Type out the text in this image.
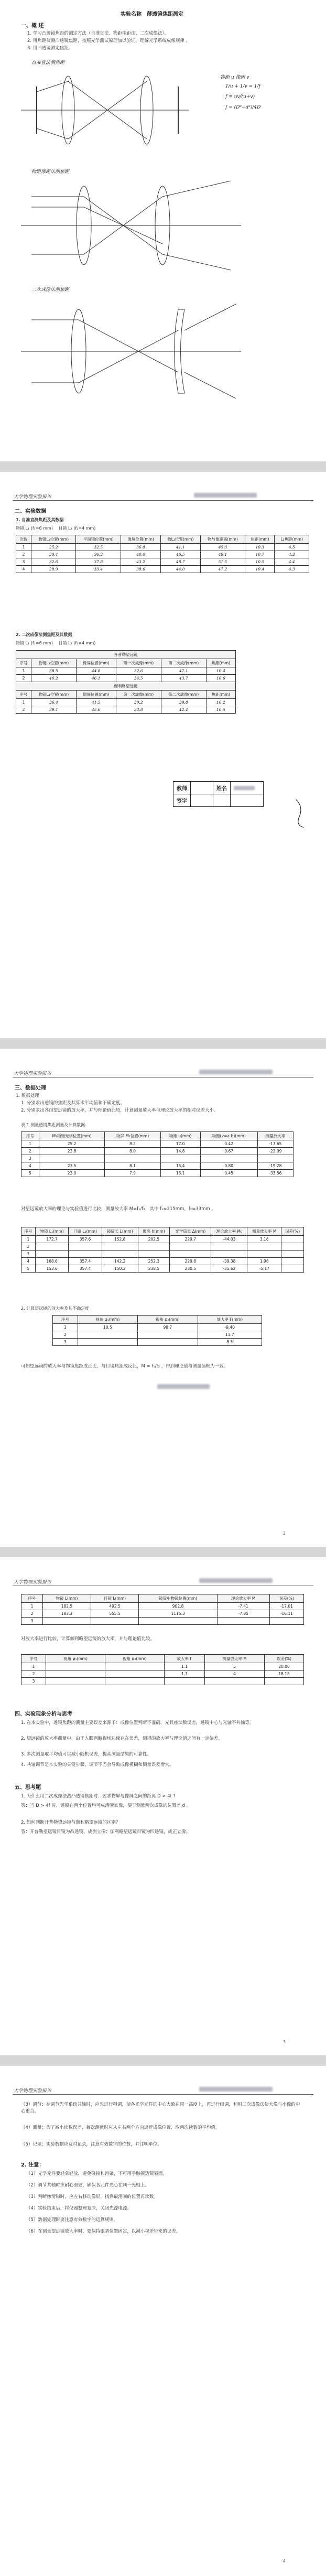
实验名称　薄透镜焦距测定
一、概 述
1. 学习凸透镜焦距的测定方法（自准直法、物距像距法、二次成像法）。
2. 用焦距仪测凸透镜焦距，按照光学测试原理加以验证，理解光学系统成像规律 。
3. 用凹透镜测定焦距。
自准直法测焦距
物距 u 像距 v
1/u + 1/v = 1/f
f = uv/(u+v)
f = (D²−d²)/4D
物距像距法测焦距
二次成像法测焦距
大学物理实验报告
二、实验数据
1. 自准直测焦距及其数据
物镜 L₁ (f₁=6 mm) 　目镜 L₂ (f₂=4 mm)
次数	物镜L₁位置(mm)	平面镜位置(mm)	像屏位置(mm)	物L₁位置(mm)	物与像距离(mm)	焦距(mm)	L₂焦距(mm)
1	25.2	32.5	36.8	41.1	45.3	10.3	4.5
2	30.4	36.2	40.0	46.5	49.1	10.7	4.2
3	32.6	37.8	43.2	48.7	51.5	10.5	4.4
4	28.9	33.4	38.6	44.0	47.2	10.4	4.3
2. 二次成像法测焦距及其数据
物镜 L₁ (f₁=6 mm) 　目镜 L₂ (f₂=4 mm)
开普勒望远镜					
序号	物镜L₁位置(mm)	像屏位置(mm)	第一次成像(mm)	第二次成像(mm)	焦距(mm)
1	38.5	44.8	32.6	42.1	10.4
2	40.2	46.1	34.5	43.7	10.6
伽利略望远镜					
序号	物镜L₁位置(mm)	像屏位置(mm)	第一次成像(mm)	第二次成像(mm)	焦距(mm)
1	36.4	41.5	30.2	39.8	10.2
2	39.1	45.6	33.8	42.4	10.5
教师		姓名	

签字			
大学物理实验报告
三、数据处理
1. 数据处理
1. 分别求出透镜的焦距及其算术平均值和不确定度。
2. 分别求出各组望远镜的放大率，并与理论值比较，计算测量放大率与理论放大率的相对误差大小。
表 1 测量透镜焦距测量及计算数据
序号	M₁物镜光学位置(mm)	物屏 M₂位置(mm)	物距 u(mm)	物距(v=a-b)(mm)	测量放大率
1	25.2	8.2	17.0	0.42	-17.65
2	22.8	8.0	14.8	0.67	-22.09
3					
4	23.5	8.1	15.4	0.80	-19.28
5	23.0	7.9	15.1	0.45	-33.56
对望远镜放大率的理论与实验值进行比较，测量放大率 M=f₁/f₂，其中 f₁=215mm，f₂=33mm 。
序号	物镜 L₁(mm)	目镜 L₂(mm)	镜筒长 L(mm)	像高 h(mm)	光学筒长 Δ(mm)	理论放大率 M₀	测量放大率 M	误差(%)
1	172.7	357.6	152.8	202.5	229.7	-44.03	3.16	
2								
3								
4	168.6	357.4	142.2	252.3	229.8	-39.38	1.98	
5	153.6	357.4	150.3	238.5	230.5	-35.62	-5.17	
2. 计算望远镜的放大率及其不确定度
序号	视角 φ₁(mm)	视角 φ₂(mm)	放大率 Γ(mm)
1	10.5	98.7	-9.40
2			11.7
3			8.5
可知望远镜的放大率与物镜焦距成正比，与目镜焦距成反比，M = f₁/f₂ ，得到理论值与测量值较为一致。
2
大学物理实验报告
序号	物镜 L(mm)	目镜 L(mm)	镜筒中物镜位置(mm)	理论放大率 M	误差(%)
1	182.5	492.5	902.8	-7.41	-17.01
2	183.3	555.5	1115.3	-7.85	-16.11
3					
对放大率进行比较，计算伽利略望远镜的放大率，并与理论值比较。
序号	视角 φ₁(mm)	视角 φ₂(mm)	放大率 Γ	测量放大率 M	误差(%)
1			1.1	5	20.00
2			1.7	4	18.18
3					
四、实验现象分析与思考
1. 在本实验中，透镜焦距的测量主要误差来源于：成像位置判断不准确，光具座读数误差，透镜中心与光轴不共轴等。
2. 望远镜的放大率测量中，由于人眼判断视场边缘存在误差，测得的放大率与理论值之间有一定偏差。
3. 多次测量取平均值可以减小随机误差，提高测量结果的可靠性。
4. 共轴调节是本实验的关键步骤，调节不当会导致成像模糊和测量误差增大。
五、思考题
1. 为什么用二次成像法测凸透镜焦距时，要求物屏与像屏之间的距离 D > 4f ?
答：当 D > 4f 时，透镜在两个位置均可成清晰实像，便于测量两次成像的位置差 d 。
2. 如何判断开普勒望远镜与伽利略望远镜的区别？
答：开普勒望远镜目镜为凸透镜，成倒立像；伽利略望远镜目镜为凹透镜，成正立像。
3
大学物理实验报告
（3）调节：在调节光学系统共轴时，应先进行粗调，使各光学元件的中心大致在同一高度上，再进行细调，利用二次成像法使大像与小像的中心重合。
（4）测量：为了减小读数误差，每次测量时应从左右两个方向逼近成像位置，取两次读数的平均值。
（5）记录：实验数据应及时记录，注意有效数字的位数，并注明单位。
2. 注意：
（1）光学元件要轻拿轻放，避免碰撞和污染，不可用手触摸透镜表面。
（2）调节共轴时应耐心细致，确保各元件光心在同一光轴上。
（3）判断像清晰时，应左右移动像屏，找到最清晰的位置再读数。
（4）实验结束后，将仪器整理复原，关闭光源电源。
（5）数据处理时要注意有效数字的运算规则。
（6）在测量望远镜放大率时，要保持眼睛位置固定，以减小视差带来的误差。
4
